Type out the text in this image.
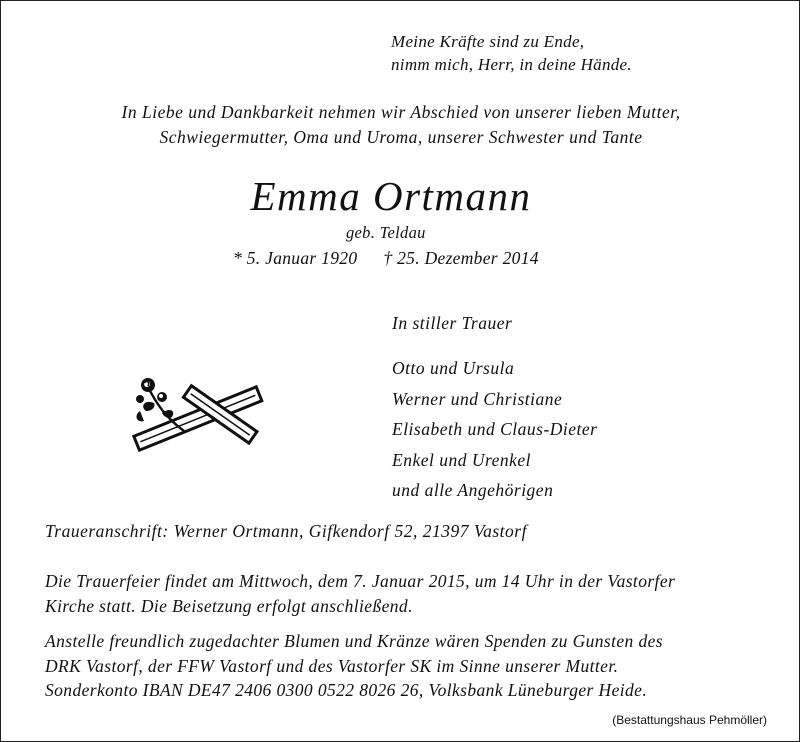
Meine Kräfte sind zu Ende,
nimm mich, Herr, in deine Hände.
In Liebe und Dankbarkeit nehmen wir Abschied von unserer lieben Mutter,
Schwiegermutter, Oma und Uroma, unserer Schwester und Tante
Emma Ortmann
geb. Teldau
* 5. Januar 1920 † 25. Dezember 2014
In stiller Trauer
Otto und Ursula
Werner und Christiane
Elisabeth und Claus-Dieter
Enkel und Urenkel
und alle Angehörigen
Traueranschrift: Werner Ortmann, Gifkendorf 52, 21397 Vastorf
Die Trauerfeier findet am Mittwoch, dem 7. Januar 2015, um 14 Uhr in der Vastorfer
Kirche statt. Die Beisetzung erfolgt anschließend.
Anstelle freundlich zugedachter Blumen und Kränze wären Spenden zu Gunsten des
DRK Vastorf, der FFW Vastorf und des Vastorfer SK im Sinne unserer Mutter.
Sonderkonto IBAN DE47 2406 0300 0522 8026 26, Volksbank Lüneburger Heide.
(Bestattungshaus Pehmöller)
